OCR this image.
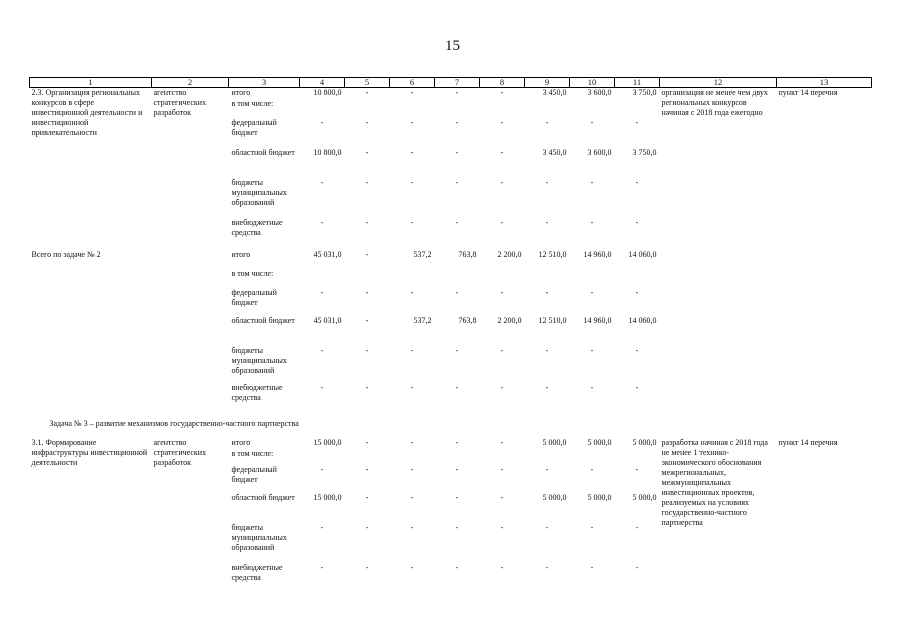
15
1	2	3	4	5	6	7	8	9	10	11	12	13
2.3. Организация региональных конкурсов в сфере инвестиционной деятельности и инвестиционной привлекательности	агентство стратегических разработок	итого	10 800,0	-	-	-	-	3 450,0	3 600,0	3 750,0	организация не менее чем двух региональных конкурсов начиная с 2018 года ежегодно	пункт 14 перечня
		в том числе:										
		федеральный бюджет	-	-	-	-	-	-	-	-		
		областной бюджет	10 800,0	-	-	-	-	3 450,0	3 600,0	3 750,0		
		бюджеты муниципальных образований	-	-	-	-	-	-	-	-		
		внебюджетные средства	-	-	-	-	-	-	-	-		
Всего по задаче № 2		итого	45 031,0	-	537,2	763,8	2 200,0	12 510,0	14 960,0	14 060,0		
		в том числе:										
		федеральный бюджет	-	-	-	-	-	-	-	-		
		областной бюджет	45 031,0	-	537,2	763,8	2 200,0	12 510,0	14 960,0	14 060,0		
		бюджеты муниципальных образований	-	-	-	-	-	-	-	-		
		внебюджетные средства	-	-	-	-	-	-	-	-		
Задача № 3 – развитие механизмов государственно-частного партнерства												
3.1. Формирование инфраструктуры инвестиционной деятельности	агентство стратегических разработок	итого	15 000,0	-	-	-	-	5 000,0	5 000,0	5 000,0	разработка начиная с 2018 года не менее 1 технико-экономического обоснования межрегиональных, межмуниципальных инвестиционных проектов, реализуемых на условиях государственно-частного партнерства	пункт 14 перечня
		в том числе:										
		федеральный бюджет	-	-	-	-	-	-	-	-		
		областной бюджет	15 000,0	-	-	-	-	5 000,0	5 000,0	5 000,0		
		бюджеты муниципальных образований	-	-	-	-	-	-	-	-		
		внебюджетные средства	-	-	-	-	-	-	-	-		
